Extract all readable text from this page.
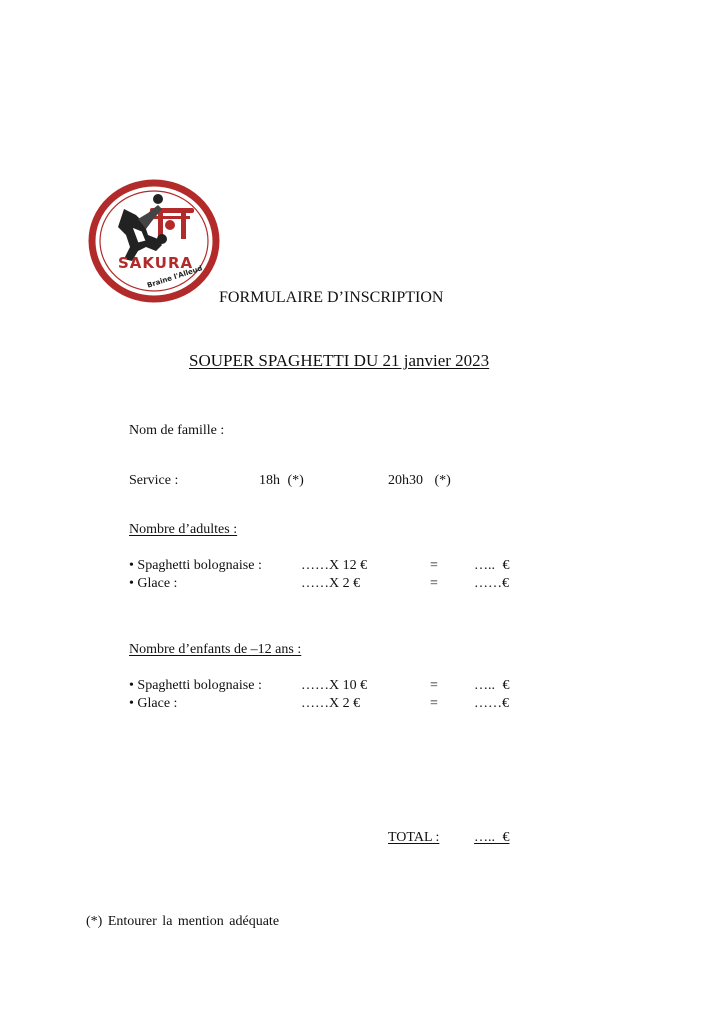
SAKURA
Braine l'Alleud
FORMULAIRE D’INSCRIPTION
SOUPER SPAGHETTI DU 21 janvier 2023
Nom de famille :
Service :	18h (*)	20h30 (*)
Nombre d’adultes :
• Spaghetti bolognaise :	……X 12 €	=	….. €
• Glace :	……X 2 €	=	……€
Nombre d’enfants de –12 ans :
• Spaghetti bolognaise :	……X 10 €	=	….. €
• Glace :	……X 2 €	=	……€
TOTAL : ….. €
(*) Entourer la mention adéquate
